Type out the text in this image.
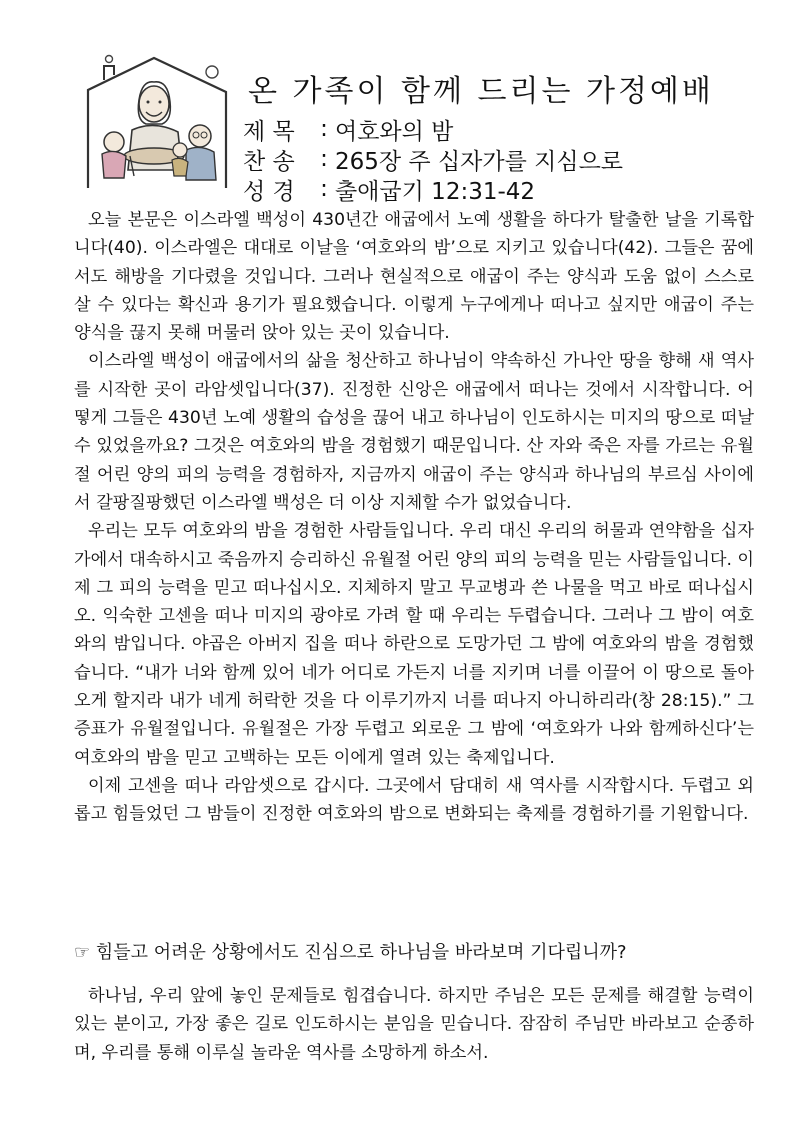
온 가족이 함께 드리는 가정예배
제 목	: 여호와의 밤
찬 송	: 265장 주 십자가를 지심으로
성 경	: 출애굽기 12:31-42

오늘 본문은 이스라엘 백성이 430년간 애굽에서 노예 생활을 하다가 탈출한 날을 기록합니다(40). 이스라엘은 대대로 이날을 ‘여호와의 밤’으로 지키고 있습니다(42). 그들은 꿈에서도 해방을 기다렸을 것입니다. 그러나 현실적으로 애굽이 주는 양식과 도움 없이 스스로 살 수 있다는 확신과 용기가 필요했습니다. 이렇게 누구에게나 떠나고 싶지만 애굽이 주는 양식을 끊지 못해 머물러 앉아 있는 곳이 있습니다.

이스라엘 백성이 애굽에서의 삶을 청산하고 하나님이 약속하신 가나안 땅을 향해 새 역사를 시작한 곳이 라암셋입니다(37). 진정한 신앙은 애굽에서 떠나는 것에서 시작합니다. 어떻게 그들은 430년 노예 생활의 습성을 끊어 내고 하나님이 인도하시는 미지의 땅으로 떠날 수 있었을까요? 그것은 여호와의 밤을 경험했기 때문입니다. 산 자와 죽은 자를 가르는 유월절 어린 양의 피의 능력을 경험하자, 지금까지 애굽이 주는 양식과 하나님의 부르심 사이에서 갈팡질팡했던 이스라엘 백성은 더 이상 지체할 수가 없었습니다.

우리는 모두 여호와의 밤을 경험한 사람들입니다. 우리 대신 우리의 허물과 연약함을 십자가에서 대속하시고 죽음까지 승리하신 유월절 어린 양의 피의 능력을 믿는 사람들입니다. 이제 그 피의 능력을 믿고 떠나십시오. 지체하지 말고 무교병과 쓴 나물을 먹고 바로 떠나십시오. 익숙한 고센을 떠나 미지의 광야로 가려 할 때 우리는 두렵습니다. 그러나 그 밤이 여호와의 밤입니다. 야곱은 아버지 집을 떠나 하란으로 도망가던 그 밤에 여호와의 밤을 경험했습니다. “내가 너와 함께 있어 네가 어디로 가든지 너를 지키며 너를 이끌어 이 땅으로 돌아오게 할지라 내가 네게 허락한 것을 다 이루기까지 너를 떠나지 아니하리라(창 28:15).” 그 증표가 유월절입니다. 유월절은 가장 두렵고 외로운 그 밤에 ‘여호와가 나와 함께하신다’는 여호와의 밤을 믿고 고백하는 모든 이에게 열려 있는 축제입니다.

이제 고센을 떠나 라암셋으로 갑시다. 그곳에서 담대히 새 역사를 시작합시다. 두렵고 외롭고 힘들었던 그 밤들이 진정한 여호와의 밤으로 변화되는 축제를 경험하기를 기원합니다.

☞ 힘들고 어려운 상황에서도 진심으로 하나님을 바라보며 기다립니까?

하나님, 우리 앞에 놓인 문제들로 힘겹습니다. 하지만 주님은 모든 문제를 해결할 능력이 있는 분이고, 가장 좋은 길로 인도하시는 분임을 믿습니다. 잠잠히 주님만 바라보고 순종하며, 우리를 통해 이루실 놀라운 역사를 소망하게 하소서.
